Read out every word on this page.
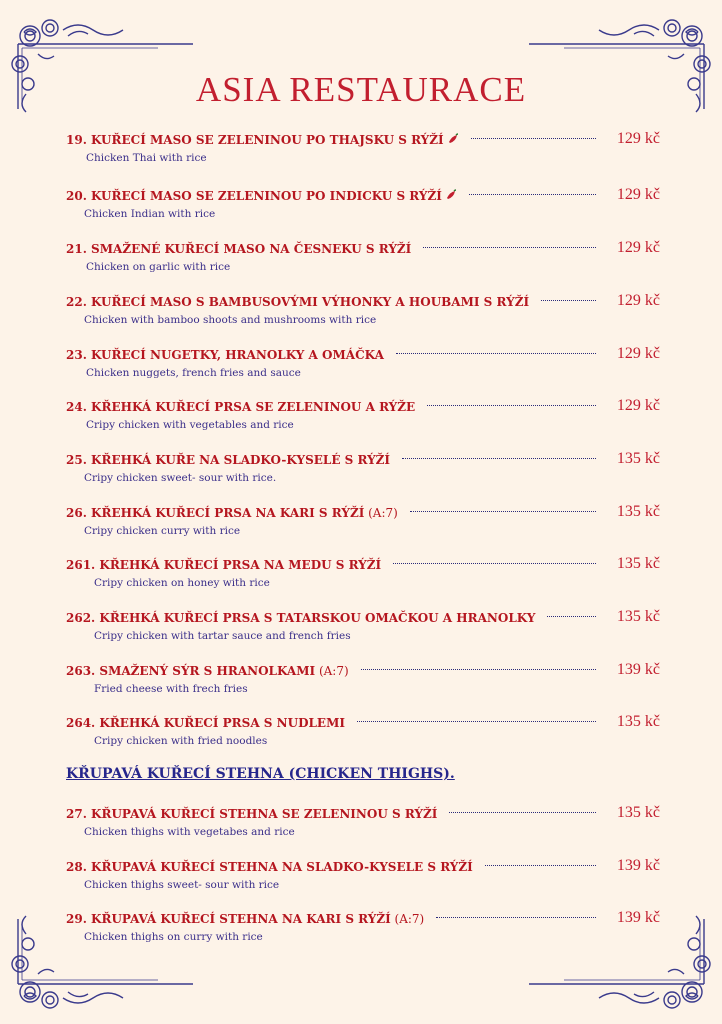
ASIA RESTAURACE
KŘUPAVÁ KUŘECÍ STEHNA (CHICKEN THIGHS).
19. KUŘECÍ MASO SE ZELENINOU PO THAJSKU S RÝŽÍ
Chicken Thai with rice
129 kč
20. KUŘECÍ MASO SE ZELENINOU PO INDICKU S RÝŽÍ
Chicken Indian with rice
129 kč
21. SMAŽENÉ KUŘECÍ MASO NA ČESNEKU S RÝŽÍ
Chicken on garlic with rice
129 kč
22. KUŘECÍ MASO S BAMBUSOVÝMI VÝHONKY A HOUBAMI S RÝŽÍ
Chicken with bamboo shoots and mushrooms with rice
129 kč
23. KUŘECÍ NUGETKY, HRANOLKY A OMÁČKA
Chicken nuggets, french fries and sauce
129 kč
24. KŘEHKÁ KUŘECÍ PRSA SE ZELENINOU A RÝŽE
Cripy chicken with vegetables and rice
129 kč
25. KŘEHKÁ KUŘE NA SLADKO-KYSELÉ S RÝŽÍ
Cripy chicken sweet- sour with rice.
135 kč
26. KŘEHKÁ KUŘECÍ PRSA NA KARI S RÝŽÍ (A:7)
Cripy chicken curry with rice
135 kč
261. KŘEHKÁ KUŘECÍ PRSA NA MEDU S RÝŽÍ
Cripy chicken on honey with rice
135 kč
262. KŘEHKÁ KUŘECÍ PRSA S TATARSKOU OMAČKOU A HRANOLKY
Cripy chicken with tartar sauce and french fries
135 kč
263. SMAŽENÝ SÝR S HRANOLKAMI (A:7)
Fried cheese with frech fries
139 kč
264. KŘEHKÁ KUŘECÍ PRSA S NUDLEMI
Cripy chicken with fried noodles
135 kč
27. KŘUPAVÁ KUŘECÍ STEHNA SE ZELENINOU S RÝŽÍ
Chicken thighs with vegetabes and rice
135 kč
28. KŘUPAVÁ KUŘECÍ STEHNA NA SLADKO-KYSELE S RÝŽÍ
Chicken thighs sweet- sour with rice
139 kč
29. KŘUPAVÁ KUŘECÍ STEHNA NA KARI S RÝŽÍ (A:7)
Chicken thighs on curry with rice
139 kč
